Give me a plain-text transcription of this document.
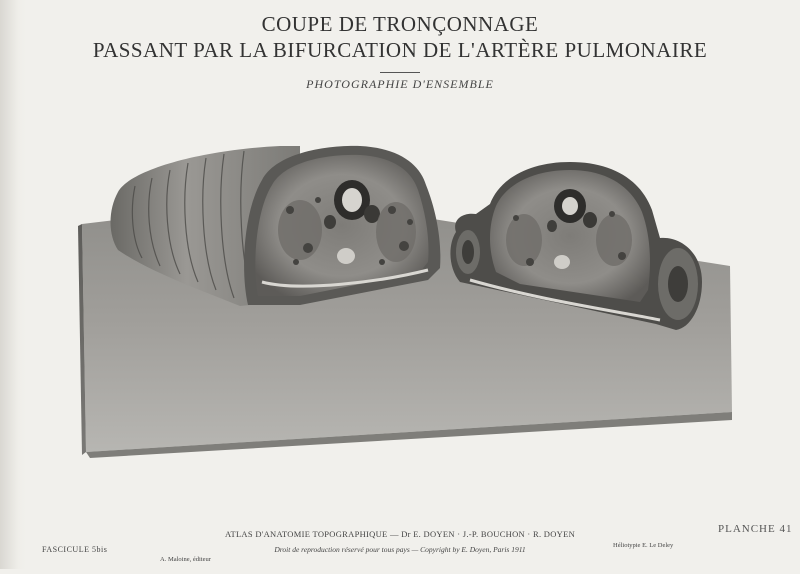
COUPE DE TRONÇONNAGE
PASSANT PAR LA BIFURCATION DE L'ARTÈRE PULMONAIRE
PHOTOGRAPHIE D'ENSEMBLE
FASCICULE 5bis
PLANCHE 41
ATLAS D'ANATOMIE TOPOGRAPHIQUE — Dr E. DOYEN · J.-P. BOUCHON · R. DOYEN
Droit de reproduction réservé pour tous pays — Copyright by E. Doyen, Paris 1911
A. Maloine, éditeur
Héliotypie E. Le Deley
